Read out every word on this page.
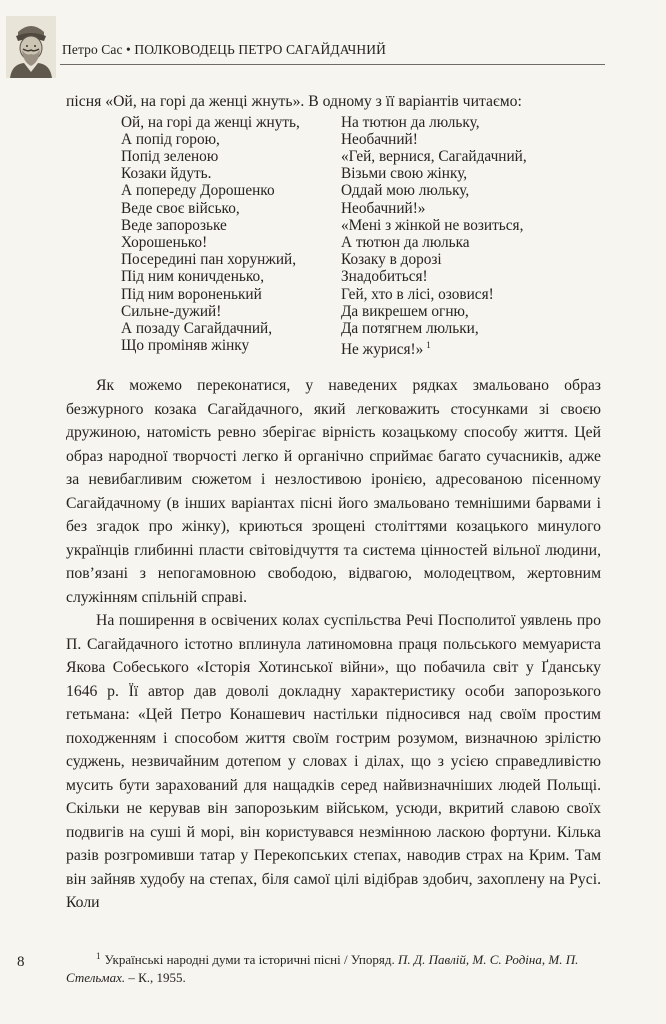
Петро Сас • ПОЛКОВОДЕЦЬ ПЕТРО САГАЙДАЧНИЙ

пісня «Ой, на горі да женці жнуть». В одному з її варіантів читаємо:

Ой, на горі да женці жнуть,
А попід горою,
Попід зеленою
Козаки йдуть.
А попереду Дорошенко
Веде своє військо,
Веде запорозьке
Хорошенько!
Посередині пан хорунжий,
Під ним коничденько,
Під ним вороненький
Сильне-дужий!
А позаду Сагайдачний,
Що проміняв жінку
На тютюн да люльку,
Необачний!
«Гей, вернися, Сагайдачний,
Візьми свою жінку,
Оддай мою люльку,
Необачний!»
«Мені з жінкой не возиться,
А тютюн да люлька
Козаку в дорозі
Знадобиться!
Гей, хто в лісі, озовися!
Да викрешем огню,
Да потягнем люльки,
Не журися!» $^1$

Як можемо переконатися, у наведених рядках змальовано образ безжурного козака Сагайдачного, який легковажить стосунками зі своєю дружиною, натомість ревно зберігає вірність козацькому способу життя. Цей образ народної творчості легко й органічно сприймає багато сучасників, адже за невибагливим сюжетом і незлостивою іронією, адресованою пісенному Сагайдачному (в інших варіантах пісні його змальовано темнішими барвами і без згадок про жінку), криються зрощені століттями козацького минулого українців глибинні пласти світовідчуття та система цінностей вільної людини, пов’язані з непогамовною свободою, відвагою, молодецтвом, жертовним служінням спільній справі.

На поширення в освічених колах суспільства Речі Посполитої уявлень про П. Сагайдачного істотно вплинула латиномовна праця польського мемуариста Якова Собеського «Історія Хотинської війни», що побачила світ у Ґданську 1646 р. Її автор дав доволі докладну характеристику особи запорозького гетьмана: «Цей Петро Конашевич настільки підносився над своїм простим походженням і способом життя своїм гострим розумом, визначною зрілістю суджень, незвичайним дотепом у словах і ділах, що з усією справедливістю мусить бути зарахований для нащадків серед найвизначніших людей Польщі. Скільки не керував він запорозьким військом, усюди, вкритий славою своїх подвигів на суші й морі, він користувався незмінною ласкою фортуни. Кілька разів розгромивши татар у Перекопських степах, наводив страх на Крим. Там він зайняв худобу на степах, біля самої цілі відібрав здобич, захоплену на Русі. Коли

8	$^1$ Українські народні думи та історичні пісні / Упоряд. П. Д. Павлій, М. С. Родіна, М. П. Стельмах. – К., 1955.
